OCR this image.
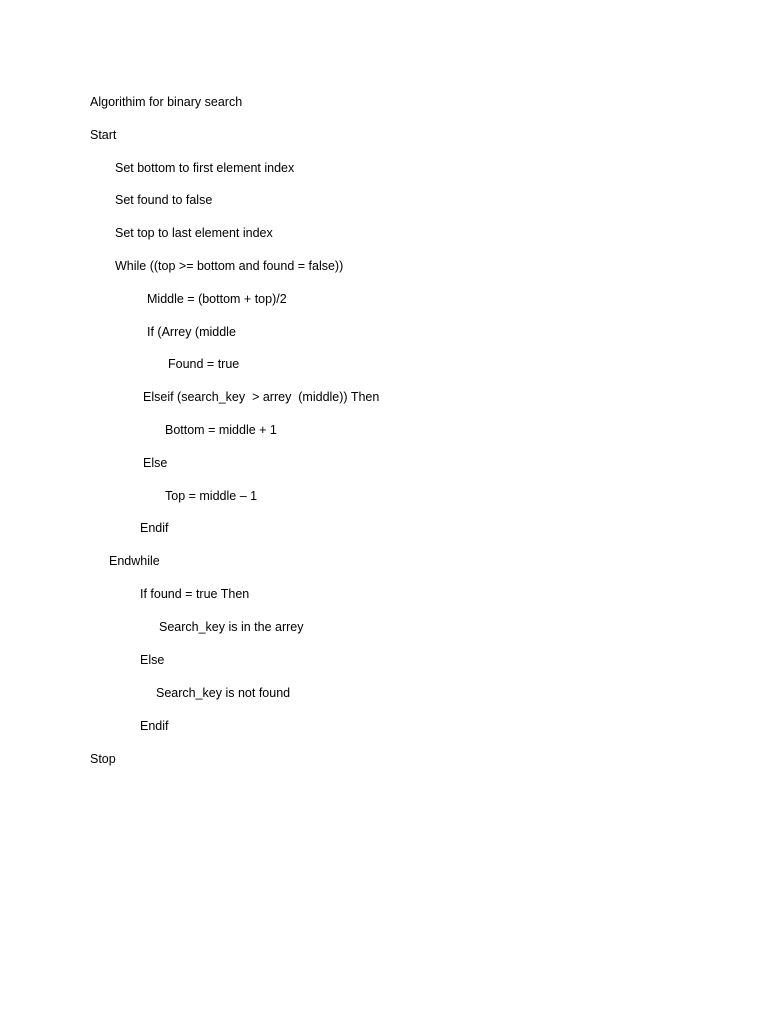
Algorithim for binary search
Start
Set bottom to first element index
Set found to false
Set top to last element index
While ((top >= bottom and found = false))
Middle = (bottom + top)/2
If (Arrey (middle
Found = true
Elseif (search_key  > arrey  (middle)) Then
Bottom = middle + 1
Else
Top = middle – 1
Endif
Endwhile
If found = true Then
Search_key is in the arrey
Else
Search_key is not found
Endif
Stop
